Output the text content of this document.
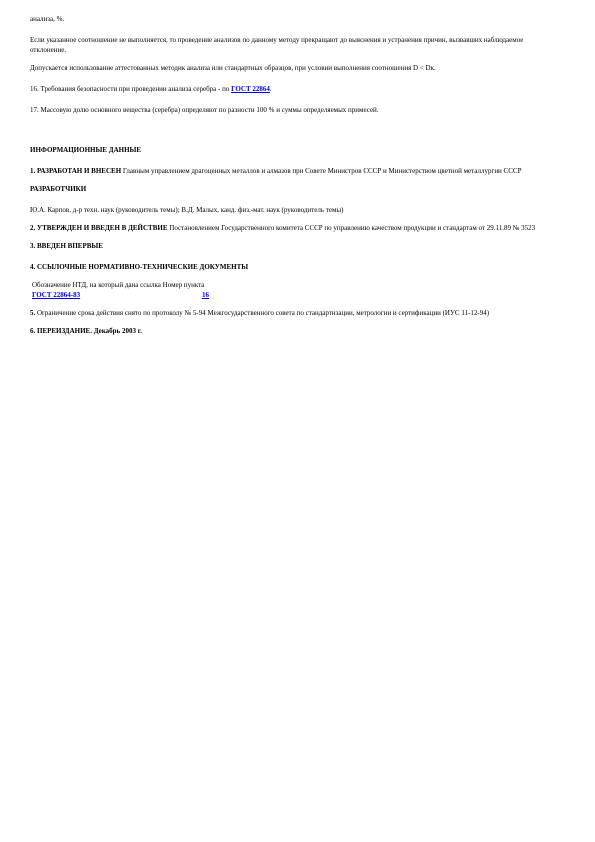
анализа, %.

Если указанное соотношение не выполняется, то проведение анализов по данному методу прекращают до выяснения и устранения причин, вызвавших наблюдаемое отклонение.

Допускается использование аттестованных методик анализа или стандартных образцов, при условии выполнения соотношения D < Dк.

16. Требования безопасности при проведении анализа серебра - по ГОСТ 22864.

17. Массовую долю основного вещества (серебра) определяют по разности 100 % и суммы определяемых примесей.

ИНФОРМАЦИОННЫЕ ДАННЫЕ

1. РАЗРАБОТАН И ВНЕСЕН Главным управлением драгоценных металлов и алмазов при Совете Министров СССР и Министерством цветной металлургии СССР

РАЗРАБОТЧИКИ

Ю.А. Карпов, д-р техн. наук (руководитель темы); В.Д. Малых, канд. физ.-мат. наук (руководитель темы)

2. УТВЕРЖДЕН И ВВЕДЕН В ДЕЙСТВИЕ Постановлением Государственного комитета СССР по управлению качеством продукции и стандартам от 29.11.89 № 3523

3. ВВЕДЕН ВПЕРВЫЕ

4. ССЫЛОЧНЫЕ НОРМАТИВНО-ТЕХНИЧЕСКИЕ ДОКУМЕНТЫ

Обозначение НТД, на который дана ссылка
Номер пункта
ГОСТ 22864-83	16

5. Ограничение срока действия снято по протоколу № 5-94 Межгосударственного совета по стандартизации, метрологии и сертификации (ИУС 11-12-94)

6. ПЕРЕИЗДАНИЕ. Декабрь 2003 г.
